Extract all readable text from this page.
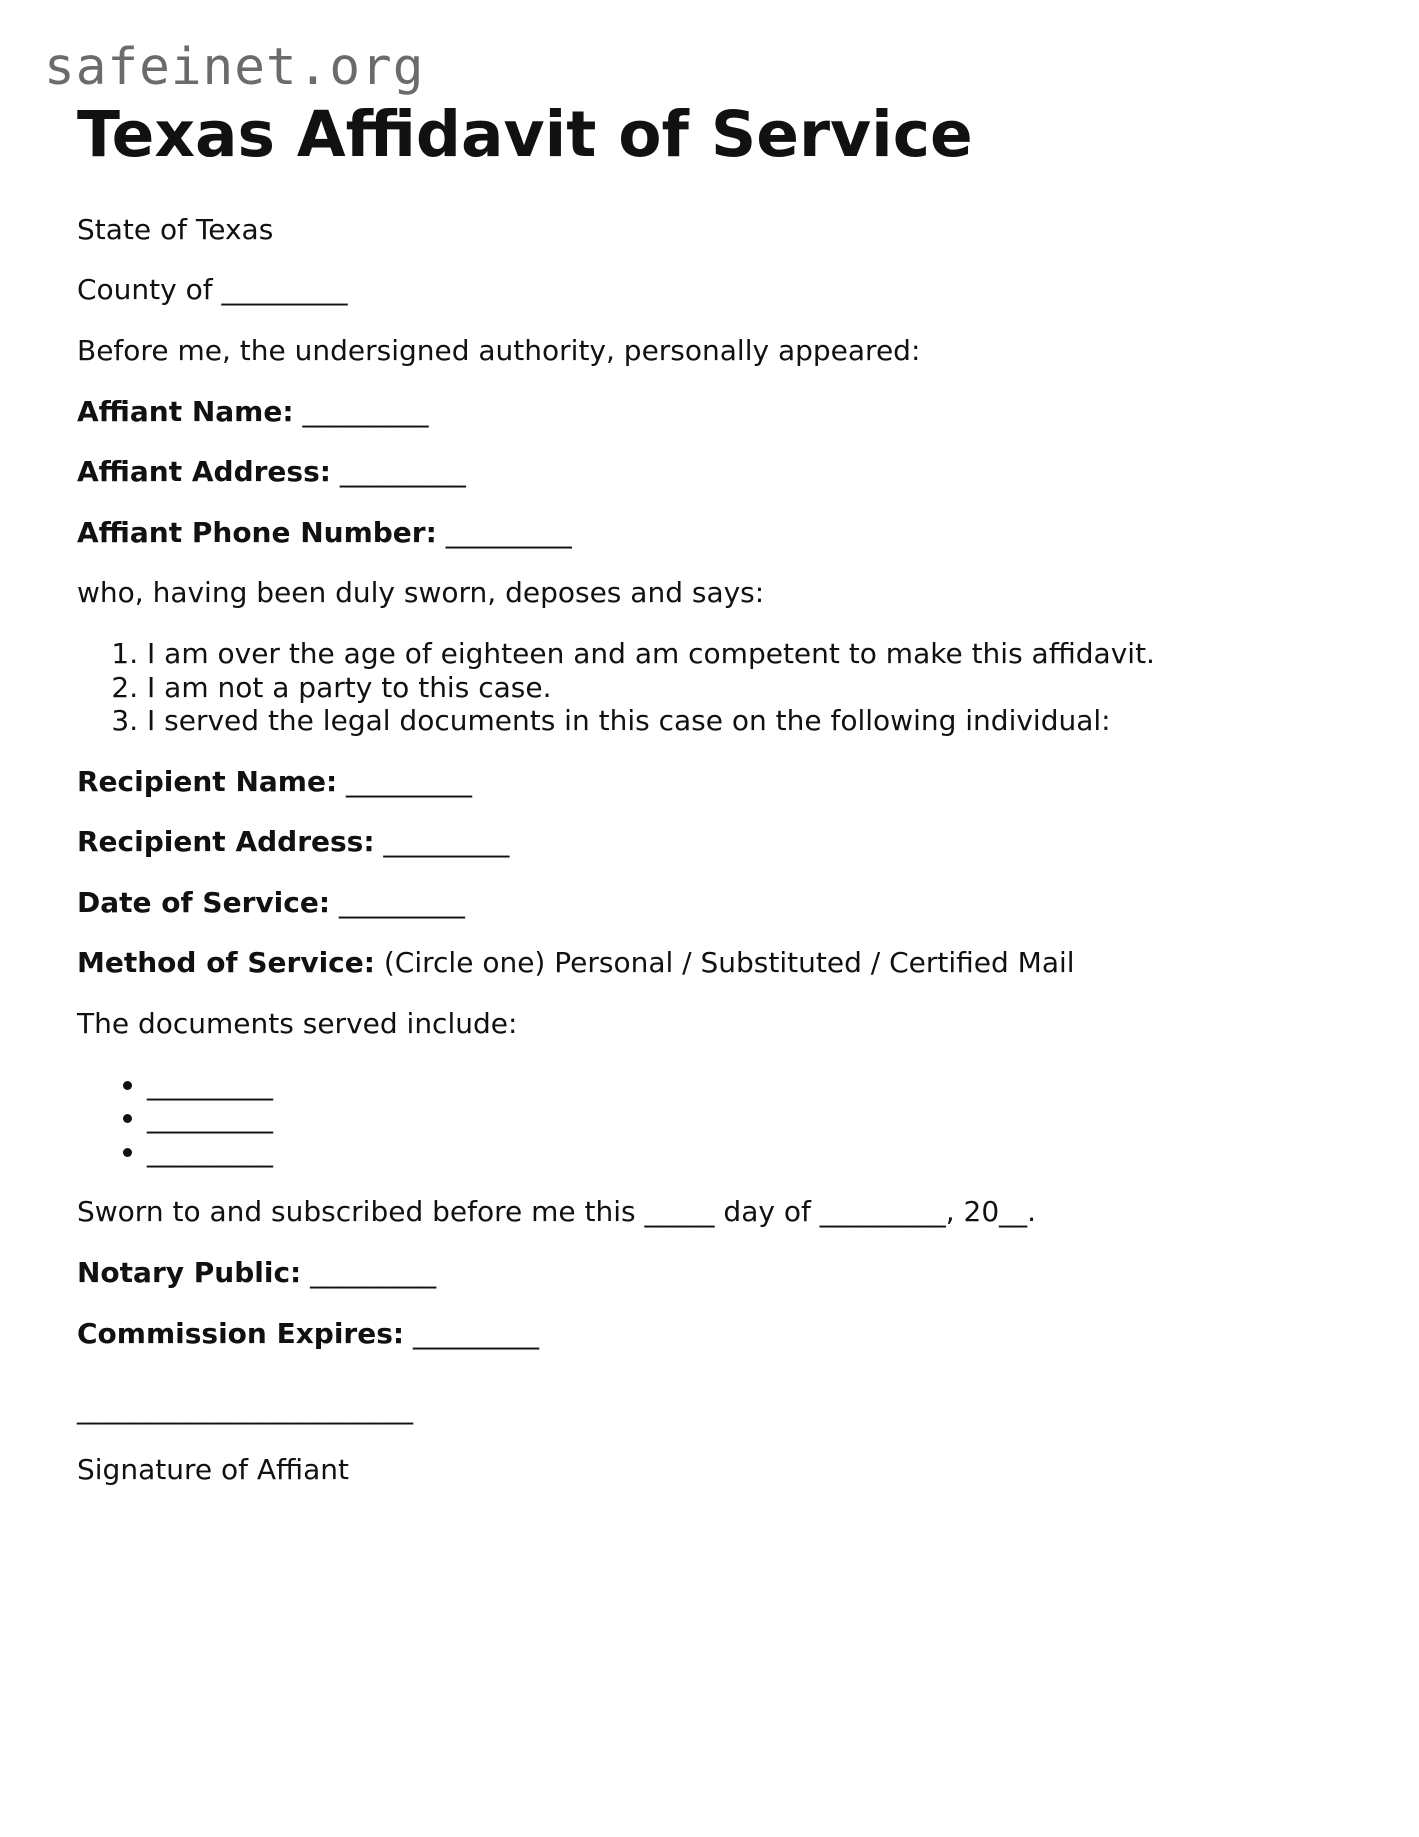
safeinet.org
Texas Affidavit of Service

State of Texas

County of _________

Before me, the undersigned authority, personally appeared:

Affiant Name: _________

Affiant Address: _________

Affiant Phone Number: _________

who, having been duly sworn, deposes and says:

1. I am over the age of eighteen and am competent to make this affidavit.
2. I am not a party to this case.
3. I served the legal documents in this case on the following individual:

Recipient Name: _________

Recipient Address: _________

Date of Service: _________

Method of Service: (Circle one) Personal / Substituted / Certified Mail

The documents served include:

• _________
• _________
• _________

Sworn to and subscribed before me this _____ day of _________, 20__.

Notary Public: _________

Commission Expires: _________

________________________

Signature of Affiant
